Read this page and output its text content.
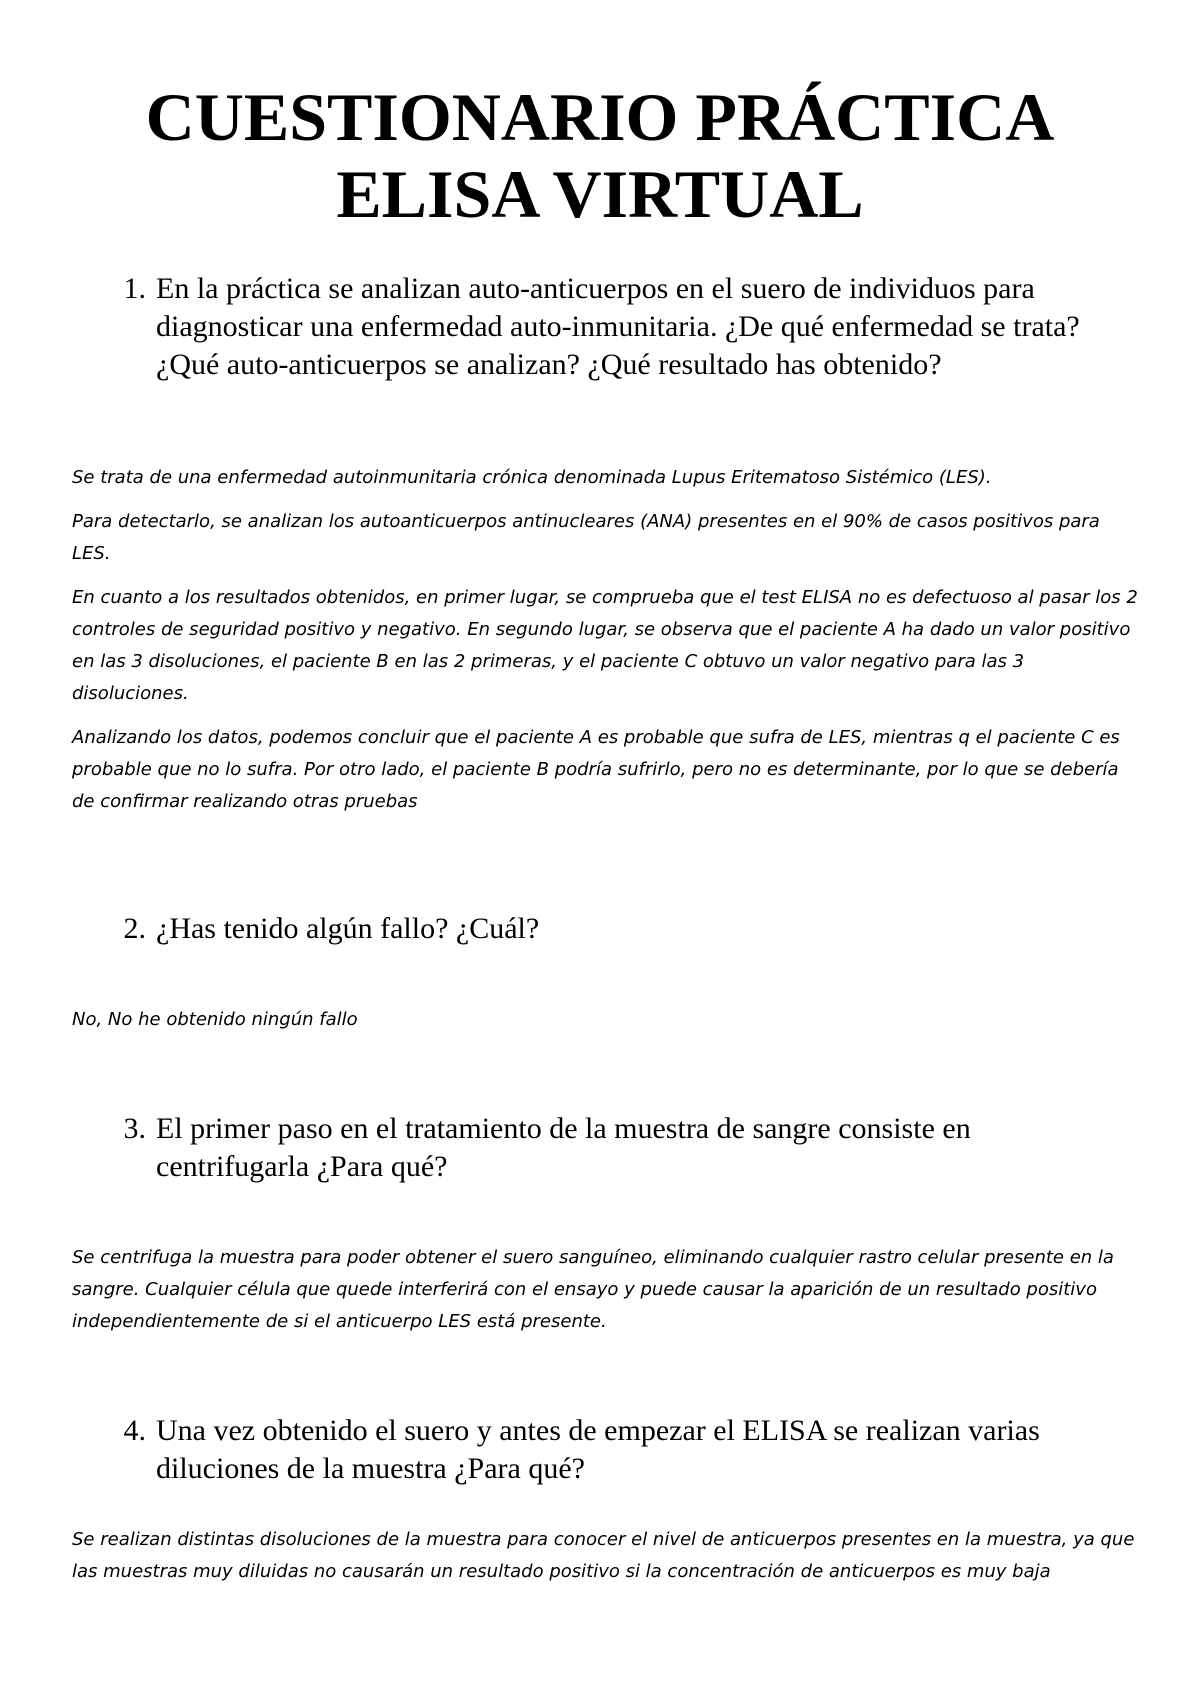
CUESTIONARIO PRÁCTICA
ELISA VIRTUAL
1. En la práctica se analizan auto-anticuerpos en el suero de individuos para diagnosticar una enfermedad auto-inmunitaria. ¿De qué enfermedad se trata? ¿Qué auto-anticuerpos se analizan? ¿Qué resultado has obtenido?

Se trata de una enfermedad autoinmunitaria crónica denominada Lupus Eritematoso Sistémico (LES).

Para detectarlo, se analizan los autoanticuerpos antinucleares (ANA) presentes en el 90% de casos positivos para LES.

En cuanto a los resultados obtenidos, en primer lugar, se comprueba que el test ELISA no es defectuoso al pasar los 2 controles de seguridad positivo y negativo. En segundo lugar, se observa que el paciente A ha dado un valor positivo en las 3 disoluciones, el paciente B en las 2 primeras, y el paciente C obtuvo un valor negativo para las 3 disoluciones.

Analizando los datos, podemos concluir que el paciente A es probable que sufra de LES, mientras q el paciente C es probable que no lo sufra. Por otro lado, el paciente B podría sufrirlo, pero no es determinante, por lo que se debería de confirmar realizando otras pruebas

2. ¿Has tenido algún fallo? ¿Cuál?

No, No he obtenido ningún fallo

3. El primer paso en el tratamiento de la muestra de sangre consiste en centrifugarla ¿Para qué?

Se centrifuga la muestra para poder obtener el suero sanguíneo, eliminando cualquier rastro celular presente en la sangre. Cualquier célula que quede interferirá con el ensayo y puede causar la aparición de un resultado positivo independientemente de si el anticuerpo LES está presente.

4. Una vez obtenido el suero y antes de empezar el ELISA se realizan varias diluciones de la muestra ¿Para qué?

Se realizan distintas disoluciones de la muestra para conocer el nivel de anticuerpos presentes en la muestra, ya que las muestras muy diluidas no causarán un resultado positivo si la concentración de anticuerpos es muy baja
